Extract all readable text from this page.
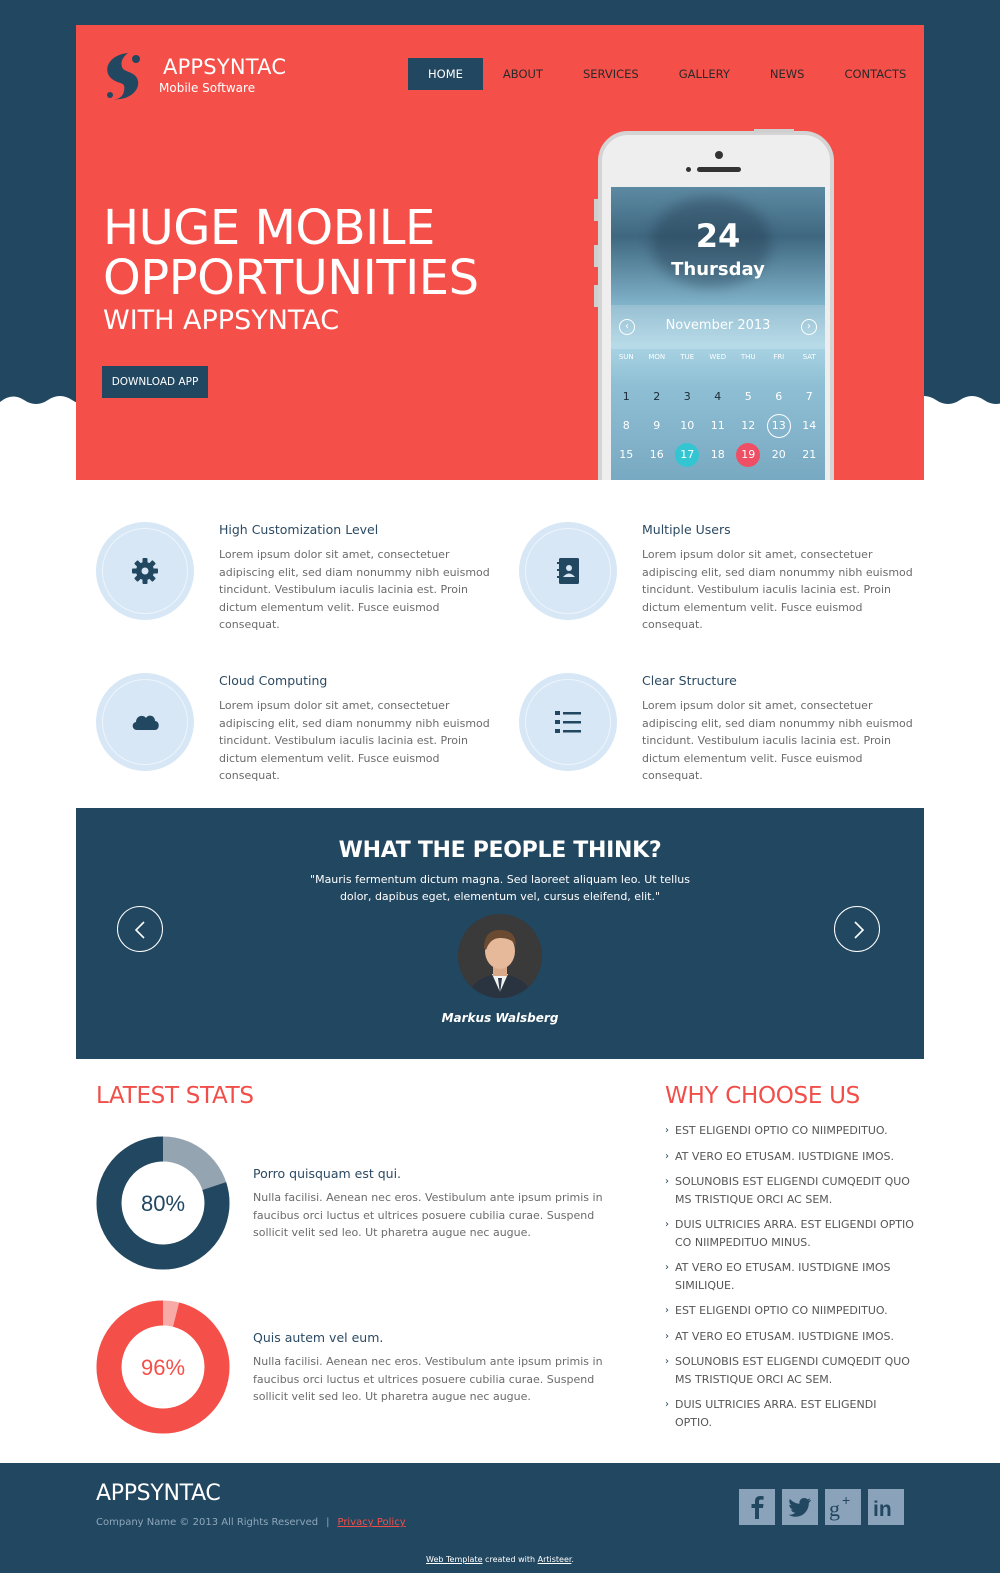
APPSYNTAC
Mobile Software
HOME	ABOUT	SERVICES	GALLERY	NEWS	CONTACTS
HUGE MOBILE
OPPORTUNITIES
WITH APPSYNTAC
DOWNLOAD APP
24
Thursday
‹	November 2013	›
SUN	MON	TUE	WED	THU	FRI	SAT
1	2	3	4	5	6	7
8	9	10	11	12	13	14
15	16	17	18	19	20	21
High Customization Level
Lorem ipsum dolor sit amet, consectetuer adipiscing elit, sed diam nonummy nibh euismod tincidunt. Vestibulum iaculis lacinia est. Proin dictum elementum velit. Fusce euismod consequat.
Multiple Users
Lorem ipsum dolor sit amet, consectetuer adipiscing elit, sed diam nonummy nibh euismod tincidunt. Vestibulum iaculis lacinia est. Proin dictum elementum velit. Fusce euismod consequat.
Cloud Computing
Lorem ipsum dolor sit amet, consectetuer adipiscing elit, sed diam nonummy nibh euismod tincidunt. Vestibulum iaculis lacinia est. Proin dictum elementum velit. Fusce euismod consequat.
Clear Structure
Lorem ipsum dolor sit amet, consectetuer adipiscing elit, sed diam nonummy nibh euismod tincidunt. Vestibulum iaculis lacinia est. Proin dictum elementum velit. Fusce euismod consequat.
WHAT THE PEOPLE THINK?
"Mauris fermentum dictum magna. Sed laoreet aliquam leo. Ut tellus dolor, dapibus eget, elementum vel, cursus eleifend, elit."
Markus Walsberg
LATEST STATS
80%
Porro quisquam est qui.
Nulla facilisi. Aenean nec eros. Vestibulum ante ipsum primis in faucibus orci luctus et ultrices posuere cubilia curae. Suspend sollicit velit sed leo. Ut pharetra augue nec augue.
96%
Quis autem vel eum.
Nulla facilisi. Aenean nec eros. Vestibulum ante ipsum primis in faucibus orci luctus et ultrices posuere cubilia curae. Suspend sollicit velit sed leo. Ut pharetra augue nec augue.
WHY CHOOSE US
› EST ELIGENDI OPTIO CO NIIMPEDITUO.
› AT VERO EO ETUSAM. IUSTDIGNE IMOS.
› SOLUNOBIS EST ELIGENDI CUMQEDIT QUO MS TRISTIQUE ORCI AC SEM.
› DUIS ULTRICIES ARRA. EST ELIGENDI OPTIO CO NIIMPEDITUO MINUS.
› AT VERO EO ETUSAM. IUSTDIGNE IMOS SIMILIQUE.
› EST ELIGENDI OPTIO CO NIIMPEDITUO.
› AT VERO EO ETUSAM. IUSTDIGNE IMOS.
› SOLUNOBIS EST ELIGENDI CUMQEDIT QUO MS TRISTIQUE ORCI AC SEM.
› DUIS ULTRICIES ARRA. EST ELIGENDI OPTIO.
APPSYNTAC
Company Name © 2013 All Rights Reserved | Privacy Policy
g + in
Web Template created with Artisteer.
